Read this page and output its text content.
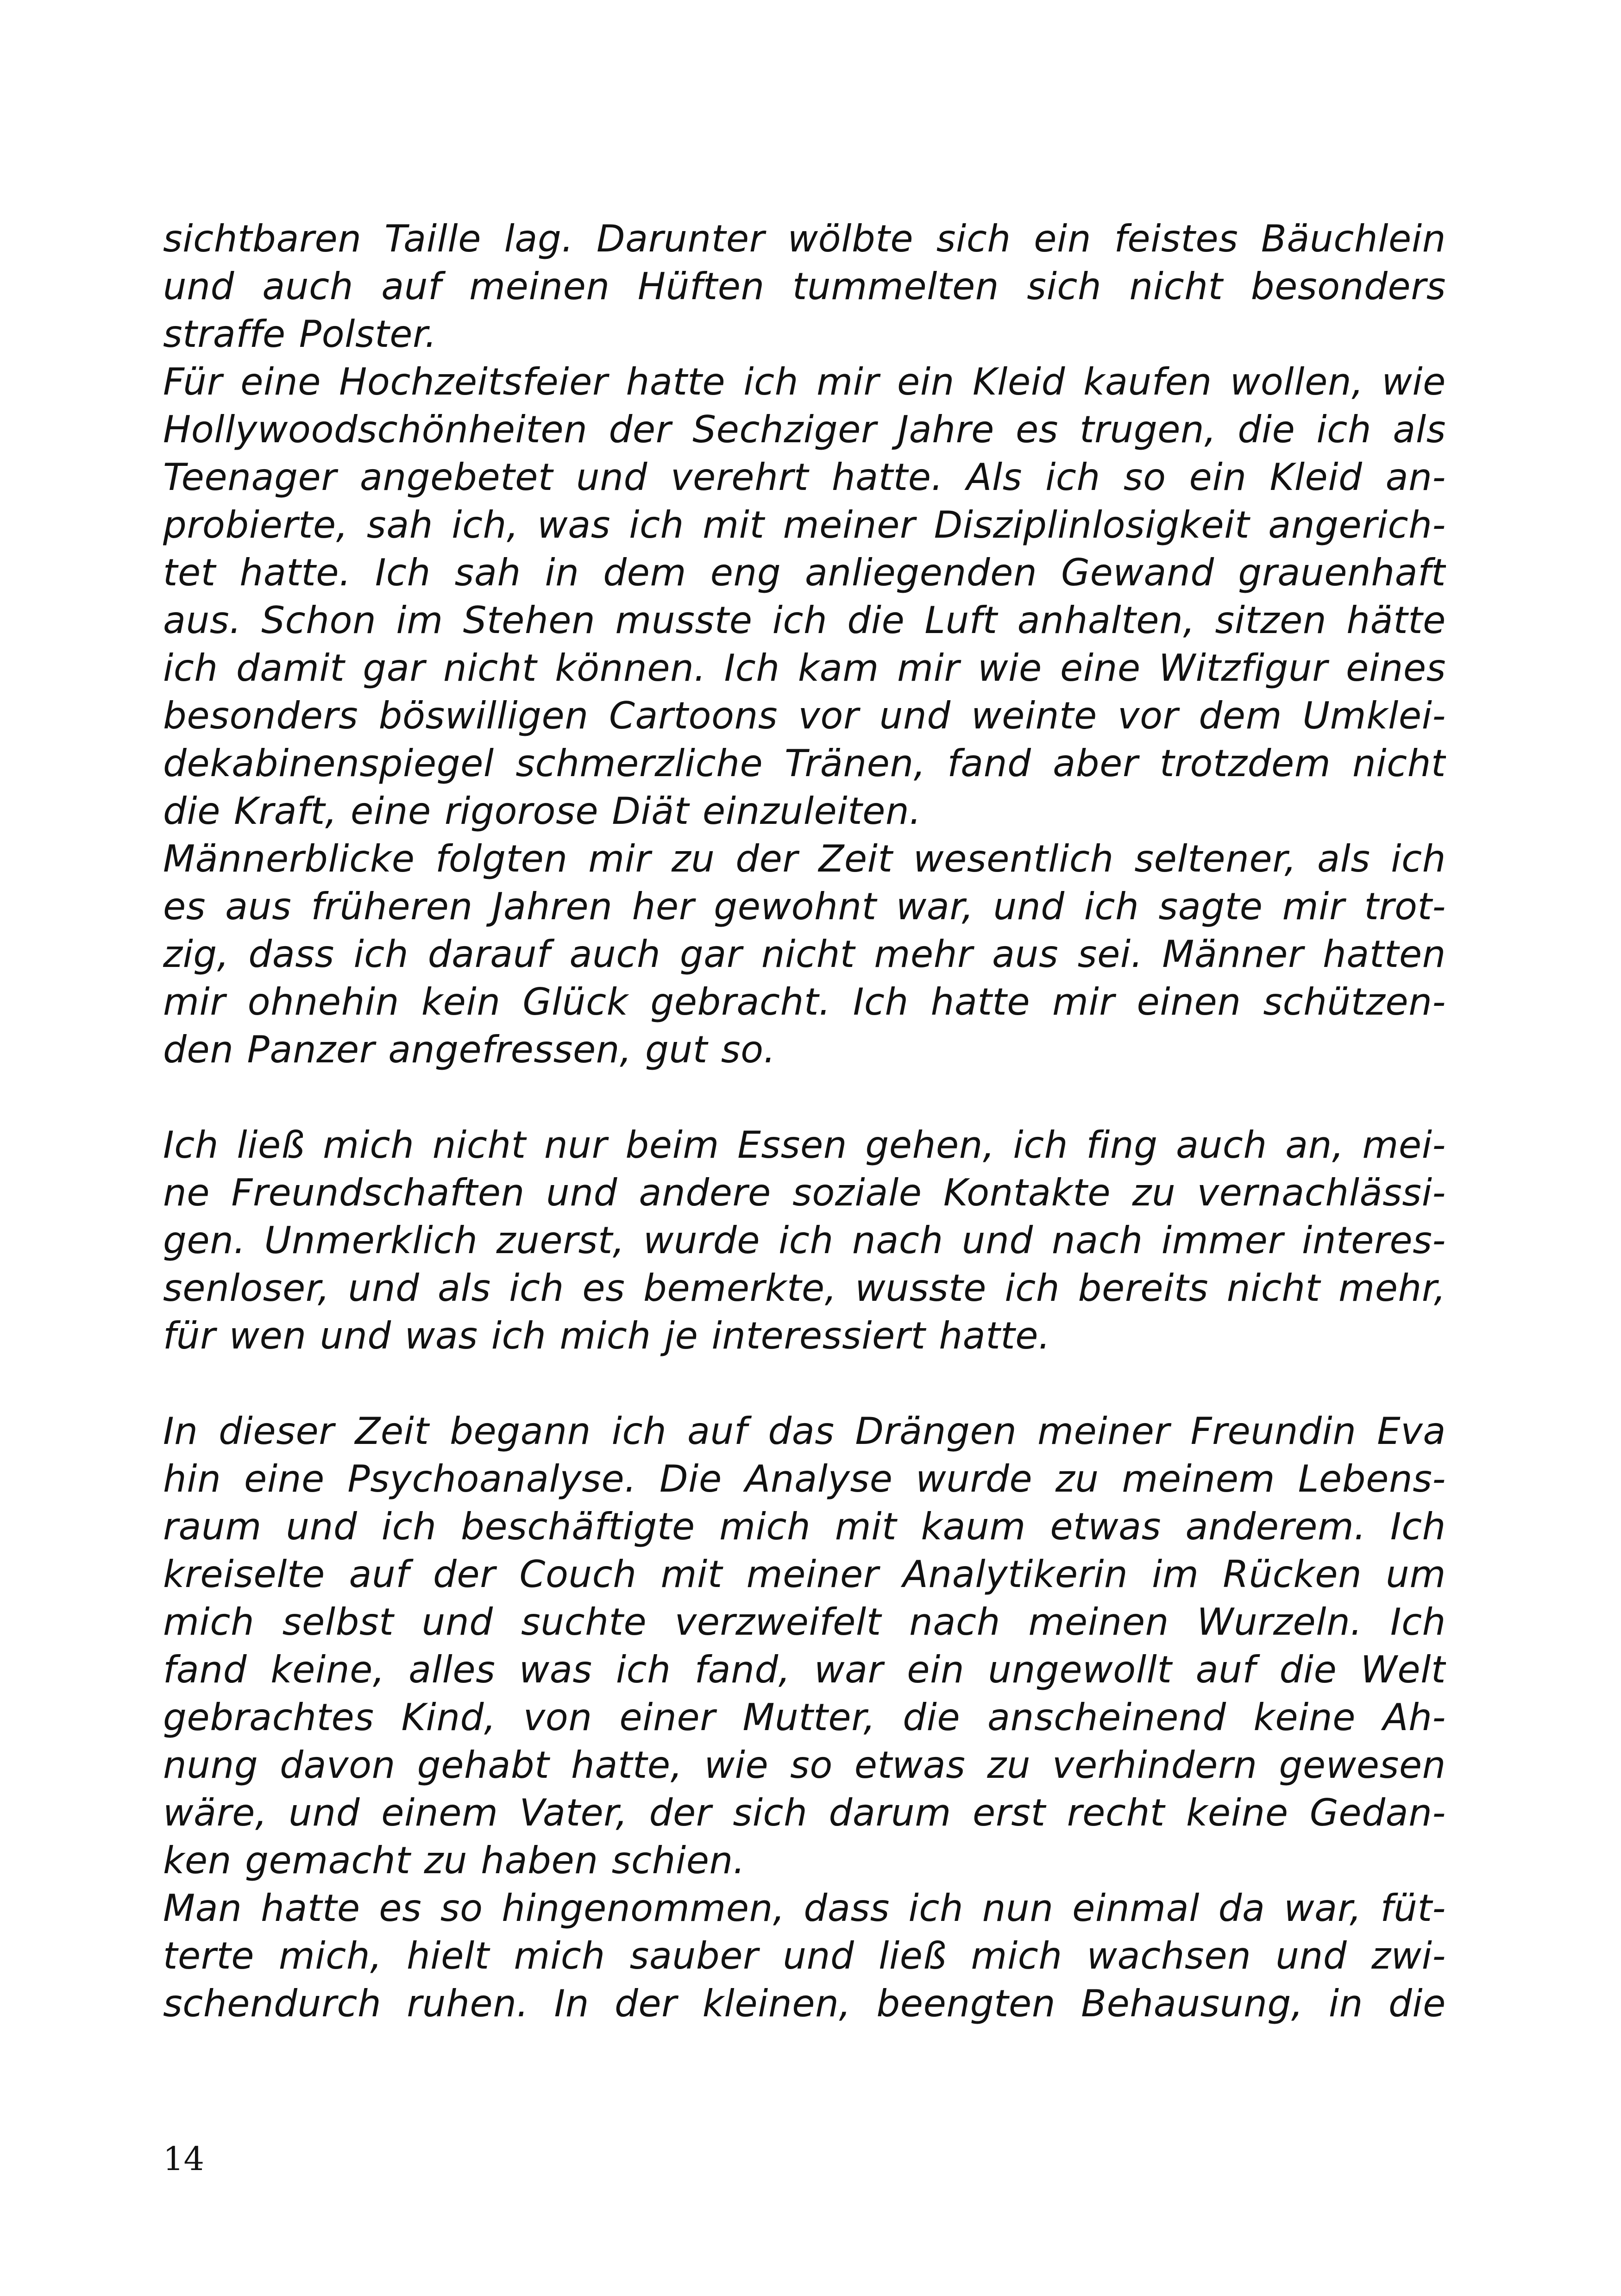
sichtbaren Taille lag. Darunter wölbte sich ein feistes Bäuchlein
und auch auf meinen Hüften tummelten sich nicht besonders
straffe Polster.
Für eine Hochzeitsfeier hatte ich mir ein Kleid kaufen wollen, wie
Hollywoodschönheiten der Sechziger Jahre es trugen, die ich als
Teenager angebetet und verehrt hatte. Als ich so ein Kleid an-
probierte, sah ich, was ich mit meiner Disziplinlosigkeit angerich-
tet hatte. Ich sah in dem eng anliegenden Gewand grauenhaft
aus. Schon im Stehen musste ich die Luft anhalten, sitzen hätte
ich damit gar nicht können. Ich kam mir wie eine Witzfigur eines
besonders böswilligen Cartoons vor und weinte vor dem Umklei-
dekabinenspiegel schmerzliche Tränen, fand aber trotzdem nicht
die Kraft, eine rigorose Diät einzuleiten.
Männerblicke folgten mir zu der Zeit wesentlich seltener, als ich
es aus früheren Jahren her gewohnt war, und ich sagte mir trot-
zig, dass ich darauf auch gar nicht mehr aus sei. Männer hatten
mir ohnehin kein Glück gebracht. Ich hatte mir einen schützen-
den Panzer angefressen, gut so.
Ich ließ mich nicht nur beim Essen gehen, ich fing auch an, mei-
ne Freundschaften und andere soziale Kontakte zu vernachlässi-
gen. Unmerklich zuerst, wurde ich nach und nach immer interes-
senloser, und als ich es bemerkte, wusste ich bereits nicht mehr,
für wen und was ich mich je interessiert hatte.
In dieser Zeit begann ich auf das Drängen meiner Freundin Eva
hin eine Psychoanalyse. Die Analyse wurde zu meinem Lebens-
raum und ich beschäftigte mich mit kaum etwas anderem. Ich
kreiselte auf der Couch mit meiner Analytikerin im Rücken um
mich selbst und suchte verzweifelt nach meinen Wurzeln. Ich
fand keine, alles was ich fand, war ein ungewollt auf die Welt
gebrachtes Kind, von einer Mutter, die anscheinend keine Ah-
nung davon gehabt hatte, wie so etwas zu verhindern gewesen
wäre, und einem Vater, der sich darum erst recht keine Gedan-
ken gemacht zu haben schien.
Man hatte es so hingenommen, dass ich nun einmal da war, füt-
terte mich, hielt mich sauber und ließ mich wachsen und zwi-
schendurch ruhen. In der kleinen, beengten Behausung, in die

14
